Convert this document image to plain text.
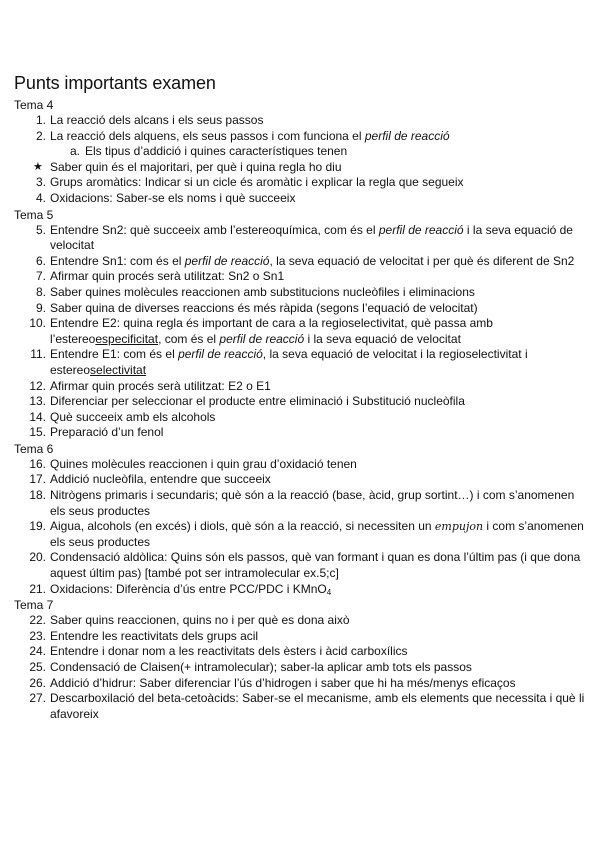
Punts importants examen
Tema 4
1. La reacció dels alcans i els seus passos
2. La reacció dels alquens, els seus passos i com funciona el perfil de reacció
a. Els tipus d’addició i quines característiques tenen
★ Saber quin és el majoritari, per què i quina regla ho diu
3. Grups aromàtics: Indicar si un cicle és aromàtic i explicar la regla que segueix
4. Oxidacions: Saber-se els noms i què succeeix
Tema 5
5. Entendre Sn2: què succeeix amb l’estereoquímica, com és el perfil de reacció i la seva equació de velocitat
6. Entendre Sn1: com és el perfil de reacció, la seva equació de velocitat i per què és diferent de Sn2
7. Afirmar quin procés serà utilitzat: Sn2 o Sn1
8. Saber quines molècules reaccionen amb substitucions nucleòfiles i eliminacions
9. Saber quina de diverses reaccions és més ràpida (segons l’equació de velocitat)
10. Entendre E2: quina regla és important de cara a la regioselectivitat, què passa amb l’estereoespecificitat, com és el perfil de reacció i la seva equació de velocitat
11. Entendre E1: com és el perfil de reacció, la seva equació de velocitat i la regioselectivitat i estereoselectivitat
12. Afirmar quin procés serà utilitzat: E2 o E1
13. Diferenciar per seleccionar el producte entre eliminació i Substitució nucleòfila
14. Què succeeix amb els alcohols
15. Preparació d’un fenol
Tema 6
16. Quines molècules reaccionen i quin grau d’oxidació tenen
17. Addició nucleòfila, entendre que succeeix
18. Nitrògens primaris i secundaris; què són a la reacció (base, àcid, grup sortint…) i com s’anomenen els seus productes
19. Aigua, alcohols (en excés) i diols, què són a la reacció, si necessiten un empujon i com s’anomenen els seus productes
20. Condensació aldòlica: Quins són els passos, què van formant i quan es dona l’últim pas (i que dona aquest últim pas) [també pot ser intramolecular ex.5;c]
21. Oxidacions: Diferència d’ús entre PCC/PDC i KMnO$_4$
Tema 7
22. Saber quins reaccionen, quins no i per què es dona això
23. Entendre les reactivitats dels grups acil
24. Entendre i donar nom a les reactivitats dels èsters i àcid carboxílics
25. Condensació de Claisen(+ intramolecular); saber-la aplicar amb tots els passos
26. Addició d’hidrur: Saber diferenciar l’ús d’hidrogen i saber que hi ha més/menys eficaços
27. Descarboxilació del beta-cetoàcids: Saber-se el mecanisme, amb els elements que necessita i què li afavoreix
